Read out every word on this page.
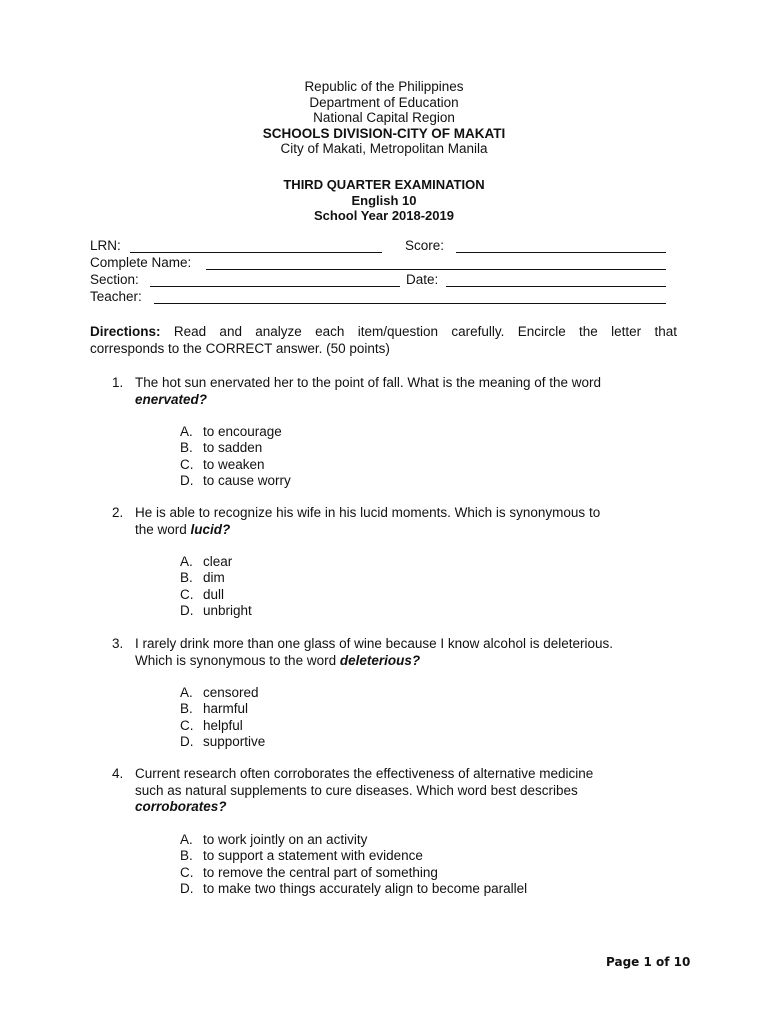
Republic of the Philippines
Department of Education
National Capital Region
SCHOOLS DIVISION-CITY OF MAKATI
City of Makati, Metropolitan Manila
THIRD QUARTER EXAMINATION
English 10
School Year 2018-2019
LRN:	Score:
Complete Name:
Section:	Date:
Teacher:
Directions: Read and analyze each item/question carefully. Encircle the letter that
corresponds to the CORRECT answer. (50 points)
1. The hot sun enervated her to the point of fall. What is the meaning of the word
enervated?
A. to encourage
B. to sadden
C. to weaken
D. to cause worry
2. He is able to recognize his wife in his lucid moments. Which is synonymous to
the word lucid?
A. clear
B. dim
C. dull
D. unbright
3. I rarely drink more than one glass of wine because I know alcohol is deleterious.
Which is synonymous to the word deleterious?
A. censored
B. harmful
C. helpful
D. supportive
4. Current research often corroborates the effectiveness of alternative medicine
such as natural supplements to cure diseases. Which word best describes
corroborates?
A. to work jointly on an activity
B. to support a statement with evidence
C. to remove the central part of something
D. to make two things accurately align to become parallel
Page 1 of 10
